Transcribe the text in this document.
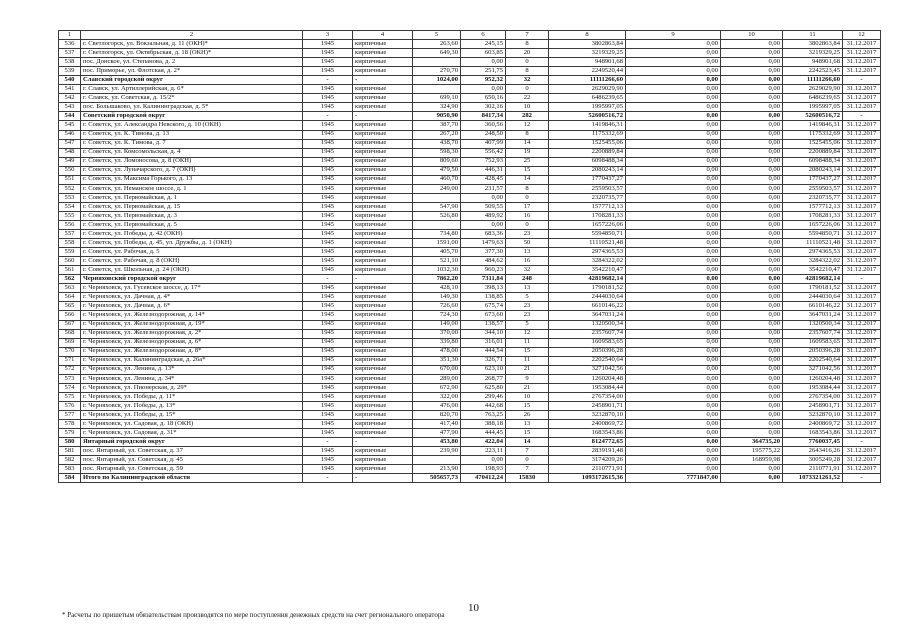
1	2	3	4	5	6	7	8	9	10	11	12
536	г. Светлогорск, ул. Вокзальная, д. 11 (ОКН)*	1945	кирпичные	263,60	245,15	8	3802863,84	0,00	0,00	3802863,84	31.12.2017
537	г. Светлогорск, ул. Октябрьская, д. 18 (ОКН)*	1945	кирпичные	649,30	603,85	20	3219329,25	0,00	0,00	3219329,25	31.12.2017
538	пос. Донское, ул. Степанова, д. 2	1945	кирпичные		0,00	0	948901,68	0,00	0,00	948901,68	31.12.2017
539	пос. Приморье, ул. Флотская, д. 2*	1945	кирпичные	270,70	251,75	8	2249520,44	0,00	0,00	2242523,45	31.12.2017
540	Славский городской округ	-	-	1024,00	952,32	32	11111266,60	0,00	0,00	11111266,60	-
541	г. Славск, ул. Артиллерийская, д. 6*	1945	кирпичные		0,00	0	2629029,90	0,00	0,00	2629029,90	31.12.2017
542	г. Славск, ул. Советская, д. 15/2*	1945	кирпичные	699,10	650,16	22	6486239,65	0,00	0,00	6486239,65	31.12.2017
543	пос. Большаково, ул. Калининградская, д. 5*	1945	кирпичные	324,90	302,16	10	1995997,05	0,00	0,00	1995997,05	31.12.2017
544	Советский городской округ	-	-	9050,90	8417,34	282	52600516,72	0,00	0,00	52600516,72	-
545	г. Советск, ул. Александра Невского, д. 10 (ОКН)	1945	кирпичные	387,70	360,56	12	1419846,31	0,00	0,00	1419846,31	31.12.2017
546	г. Советск, ул. К. Тимова, д. 13	1945	кирпичные	267,20	248,50	8	1175332,69	0,00	0,00	1175332,69	31.12.2017
547	г. Советск, ул. К. Тимова, д. 7	1945	кирпичные	438,70	407,99	14	1525455,06	0,00	0,00	1525455,06	31.12.2017
548	г. Советск, ул. Комсомольская, д. 4	1945	кирпичные	598,30	556,42	19	2200889,84	0,00	0,00	2200889,84	31.12.2017
549	г. Советск, ул. Ломоносова, д. 8 (ОКН)	1945	кирпичные	809,60	752,93	25	6098488,34	0,00	0,00	6098488,34	31.12.2017
550	г. Советск, ул. Луначарского, д. 7 (ОКН)	1945	кирпичные	479,50	446,31	15	2080243,14	0,00	0,00	2080243,14	31.12.2017
551	г. Советск, ул. Максима Горького, д. 13	1945	кирпичные	460,70	428,45	14	1770437,27	0,00	0,00	1770437,27	31.12.2017
552	г. Советск, ул. Неманское шоссе, д. 1	1945	кирпичные	249,00	231,57	8	2559503,57	0,00	0,00	2559503,57	31.12.2017
553	г. Советск, ул. Первомайская, д. 1	1945	кирпичные		0,00	0	2320735,77	0,00	0,00	2320735,77	31.12.2017
554	г. Советск, ул. Первомайская, д. 15	1945	кирпичные	547,90	509,55	17	1577712,13	0,00	0,00	1577712,13	31.12.2017
555	г. Советск, ул. Первомайская, д. 3	1945	кирпичные	526,80	489,92	16	1708281,33	0,00	0,00	1708281,33	31.12.2017
556	г. Советск, ул. Первомайская, д. 5	1945	кирпичные		0,00	0	1657226,06	0,00	0,00	1657226,06	31.12.2017
557	г. Советск, ул. Победы, д. 42 (ОКН)	1945	кирпичные	734,80	683,36	23	5594850,71	0,00	0,00	5594850,71	31.12.2017
558	г. Советск, ул. Победы, д. 45, ул. Дружбы, д. 1 (ОКН)	1945	кирпичные	1591,00	1479,63	50	11110521,48	0,00	0,00	11110521,48	31.12.2017
559	г. Советск, ул. Рабочая, д. 5	1945	кирпичные	405,70	377,30	13	2974365,53	0,00	0,00	2974365,53	31.12.2017
560	г. Советск, ул. Рабочая, д. 8 (ОКН)	1945	кирпичные	521,10	484,62	16	3284322,02	0,00	0,00	3284322,02	31.12.2017
561	г. Советск, ул. Школьная, д. 24 (ОКН)	1945	кирпичные	1032,30	960,23	32	3542210,47	0,00	0,00	3542210,47	31.12.2017
562	Черняховский городской округ	-	-	7862,20	7311,84	248	42819682,14	0,00	0,00	42819682,14	-
563	г. Черняховск, ул. Гусевское шоссе, д. 17*	1945	кирпичные	428,10	398,13	13	1790181,52	0,00	0,00	1790181,52	31.12.2017
564	г. Черняховск, ул. Дачная, д. 4*	1945	кирпичные	149,30	138,85	5	2444030,64	0,00	0,00	2444030,64	31.12.2017
565	г. Черняховск, ул. Дачная, д. 6*	1945	кирпичные	726,60	675,74	23	6610146,22	0,00	0,00	6610146,22	31.12.2017
566	г. Черняховск, ул. Железнодорожная, д. 14*	1945	кирпичные	724,30	673,60	23	3647031,24	0,00	0,00	3647031,24	31.12.2017
567	г. Черняховск, ул. Железнодорожная, д. 19*	1945	кирпичные	149,00	138,57	5	1320500,34	0,00	0,00	1320500,34	31.12.2017
568	г. Черняховск, ул. Железнодорожная, д. 2*	1945	кирпичные	370,00	344,10	12	2357607,74	0,00	0,00	2357607,74	31.12.2017
569	г. Черняховск, ул. Железнодорожная, д. 6*	1945	кирпичные	339,80	316,01	11	1609583,65	0,00	0,00	1609583,65	31.12.2017
570	г. Черняховск, ул. Железнодорожная, д. 8*	1945	кирпичные	478,00	444,54	15	2050396,28	0,00	0,00	2050396,28	31.12.2017
571	г. Черняховск, ул. Калининградская, д. 26а*	1945	кирпичные	351,30	326,71	11	2202540,64	0,00	0,00	2202540,64	31.12.2017
572	г. Черняховск, ул. Ленина, д. 13*	1945	кирпичные	670,00	623,10	21	3271042,56	0,00	0,00	3271042,56	31.12.2017
573	г. Черняховск, ул. Ленина, д. 34*	1945	кирпичные	289,00	268,77	9	1260204,48	0,00	0,00	1260204,48	31.12.2017
574	г. Черняховск, ул. Пионерская, д. 29*	1945	кирпичные	672,90	625,80	21	1953084,44	0,00	0,00	1953084,44	31.12.2017
575	г. Черняховск, ул. Победы, д. 11*	1945	кирпичные	322,00	299,46	10	2767354,00	0,00	0,00	2767354,00	31.12.2017
576	г. Черняховск, ул. Победы, д. 13*	1945	кирпичные	476,00	442,68	15	2458901,71	0,00	0,00	2458901,71	31.12.2017
577	г. Черняховск, ул. Победы, д. 15*	1945	кирпичные	820,70	763,25	26	3232870,10	0,00	0,00	3232870,10	31.12.2017
578	г. Черняховск, ул. Садовая, д. 18 (ОКН)	1945	кирпичные	417,40	388,18	13	2400869,72	0,00	0,00	2400869,72	31.12.2017
579	г. Черняховск, ул. Садовая, д. 31*	1945	кирпичные	477,90	444,45	15	1683543,86	0,00	0,00	1683543,86	31.12.2017
580	Янтарный городской округ	-	-	453,80	422,04	14	8124772,65	0,00	364735,20	7760037,45	-
581	пос. Янтарный, ул. Советская, д. 37	1945	кирпичные	239,90	223,11	7	2839191,48	0,00	195775,22	2643416,26	31.12.2017
582	пос. Янтарный, ул. Советская, д. 45	1945	кирпичные		0,00	0	3174209,26	0,00	168959,98	3005249,28	31.12.2017
583	пос. Янтарный, ул. Советская, д. 59	1945	кирпичные	213,90	198,93	7	2110771,91	0,00	0,00	2110771,91	31.12.2017
584	Итого по Калининградской области	-	-	505657,73	470412,24	15830	1093172615,36	7771847,00	0,00	1073321261,52	-
10
* Расчеты по пришетым обязательствам производятся по мере поступления денежных средств на счет регионального оператора
